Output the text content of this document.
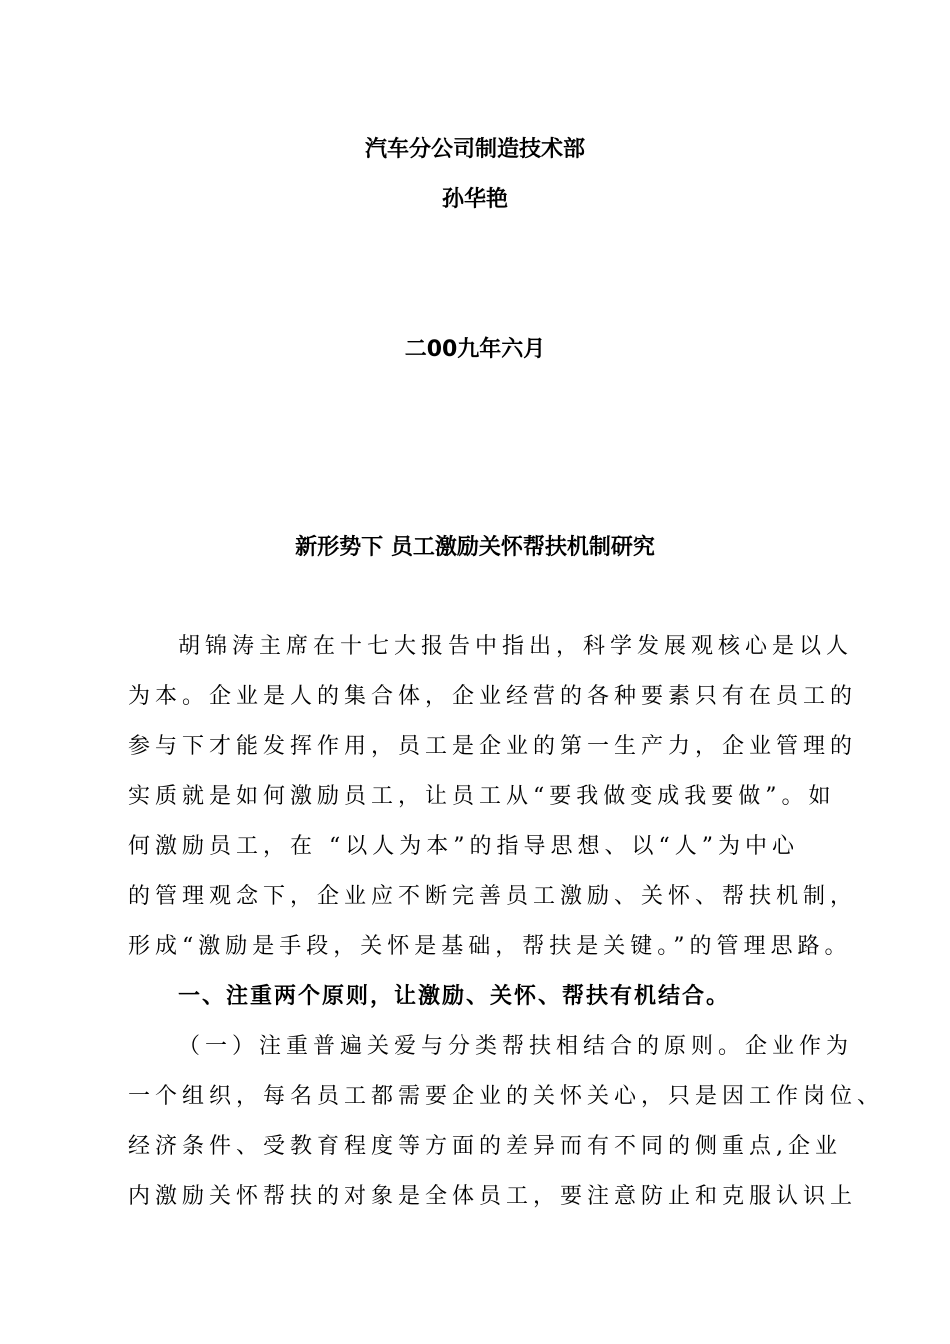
汽车分公司制造技术部
孙华艳
二00九年六月
新形势下 员工激励关怀帮扶机制研究
胡锦涛主席在十七大报告中指出，科学发展观核心是以人
为本。企业是人的集合体，企业经营的各种要素只有在员工的
参与下才能发挥作用，员工是企业的第一生产力，企业管理的
实质就是如何激励员工，让员工从“要我做变成我要做”。如
何激励员工，在 “以人为本”的指导思想、以“人”为中心
的管理观念下，企业应不断完善员工激励、关怀、帮扶机制，
形成“激励是手段，关怀是基础，帮扶是关键。”的管理思路。
一、注重两个原则，让激励、关怀、帮扶有机结合。
（一）注重普遍关爱与分类帮扶相结合的原则。企业作为
一个组织，每名员工都需要企业的关怀关心，只是因工作岗位、
经济条件、受教育程度等方面的差异而有不同的侧重点,企业
内激励关怀帮扶的对象是全体员工，要注意防止和克服认识上
